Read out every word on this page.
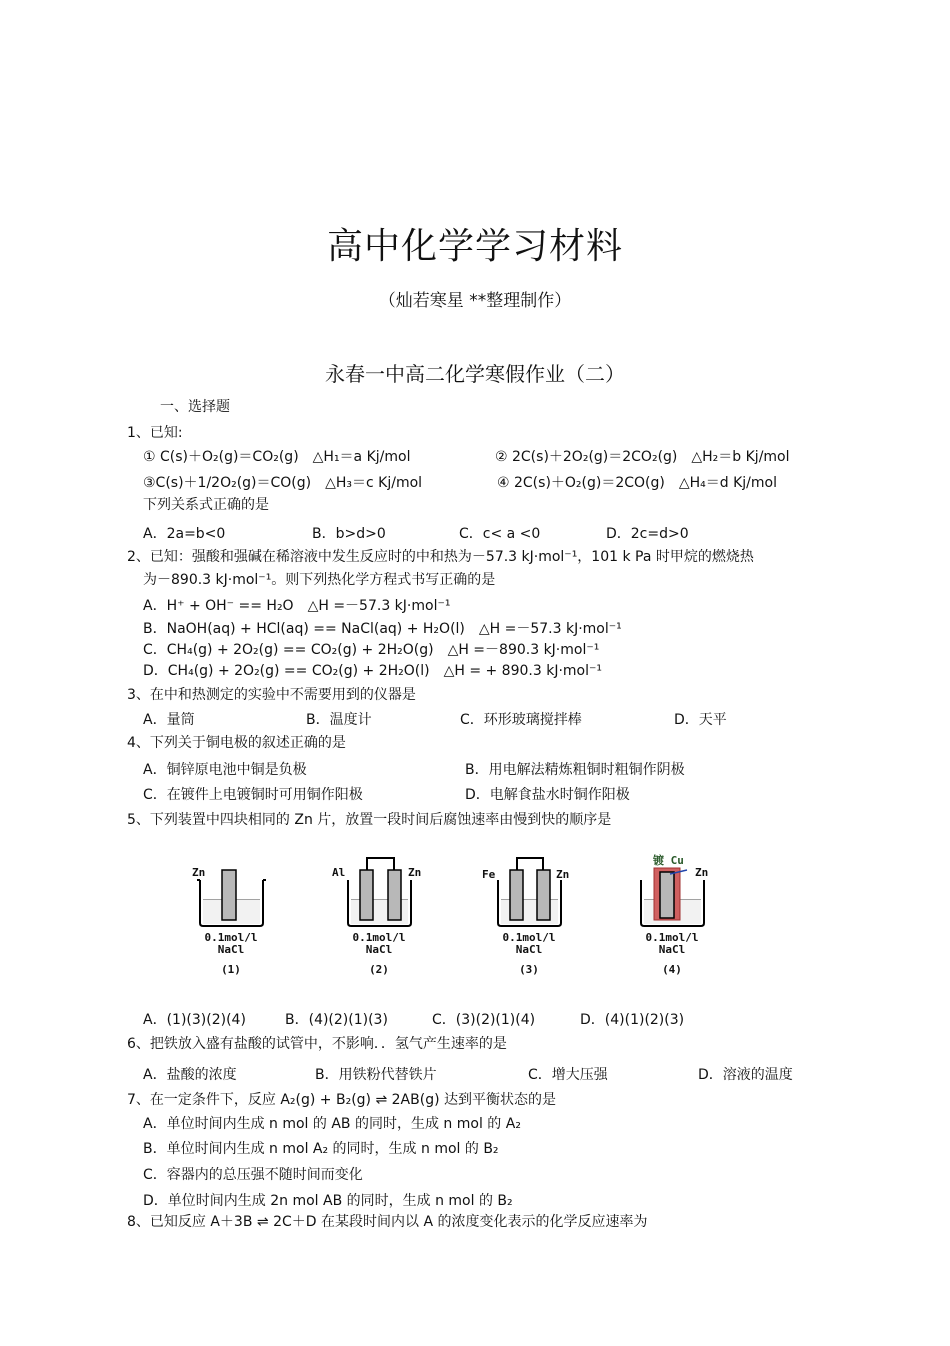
高中化学学习材料
（灿若寒星 **整理制作）
永春一中高二化学寒假作业（二）
一、选择题
1、已知:
① C(s)＋O₂(g)＝CO₂(g)　△H₁＝a Kj/mol	② 2C(s)＋2O₂(g)＝2CO₂(g)　△H₂＝b Kj/mol
③C(s)＋1/2O₂(g)＝CO(g)　△H₃＝c Kj/mol	④ 2C(s)＋O₂(g)＝2CO(g)　△H₄＝d Kj/mol
下列关系式正确的是
A．2a=b<0	B．b>d>0	C．c< a <0	D．2c=d>0
2、已知：强酸和强碱在稀溶液中发生反应时的中和热为－57.3 kJ·mol⁻¹，101 k Pa 时甲烷的燃烧热
为－890.3 kJ·mol⁻¹。则下列热化学方程式书写正确的是
A．H⁺ + OH⁻ == H₂O　△H =－57.3 kJ·mol⁻¹
B．NaOH(aq) + HCl(aq) == NaCl(aq) + H₂O(l)　△H =－57.3 kJ·mol⁻¹
C．CH₄(g) + 2O₂(g) == CO₂(g) + 2H₂O(g)　△H =－890.3 kJ·mol⁻¹
D．CH₄(g) + 2O₂(g) == CO₂(g) + 2H₂O(l)　△H = + 890.3 kJ·mol⁻¹
3、在中和热测定的实验中不需要用到的仪器是
A．量筒	B．温度计	C．环形玻璃搅拌棒	D．天平
4、下列关于铜电极的叙述正确的是
A．铜锌原电池中铜是负极	B．用电解法精炼粗铜时粗铜作阴极
C．在镀件上电镀铜时可用铜作阳极	D．电解食盐水时铜作阳极
5、下列装置中四块相同的 Zn 片，放置一段时间后腐蚀速率由慢到快的顺序是
Zn
0.1mol/l
NaCl
(1)
Al	Zn
0.1mol/l
NaCl
(2)
Fe	Zn
0.1mol/l
NaCl
(3)
镀 Cu
Zn
0.1mol/l
NaCl
(4)
A．(1)(3)(2)(4)	B．(4)(2)(1)(3)	C．(3)(2)(1)(4)	D．(4)(1)(2)(3)
6、把铁放入盛有盐酸的试管中，不影响．．氢气产生速率的是
A．盐酸的浓度	B．用铁粉代替铁片	C．增大压强	D．溶液的温度
7、在一定条件下，反应 A₂(g) + B₂(g) ⇌ 2AB(g) 达到平衡状态的是
A．单位时间内生成 n mol 的 AB 的同时，生成 n mol 的 A₂
B．单位时间内生成 n mol A₂ 的同时，生成 n mol 的 B₂
C．容器内的总压强不随时间而变化
D．单位时间内生成 2n mol AB 的同时，生成 n mol 的 B₂
8、已知反应 A＋3B ⇌ 2C＋D 在某段时间内以 A 的浓度变化表示的化学反应速率为
